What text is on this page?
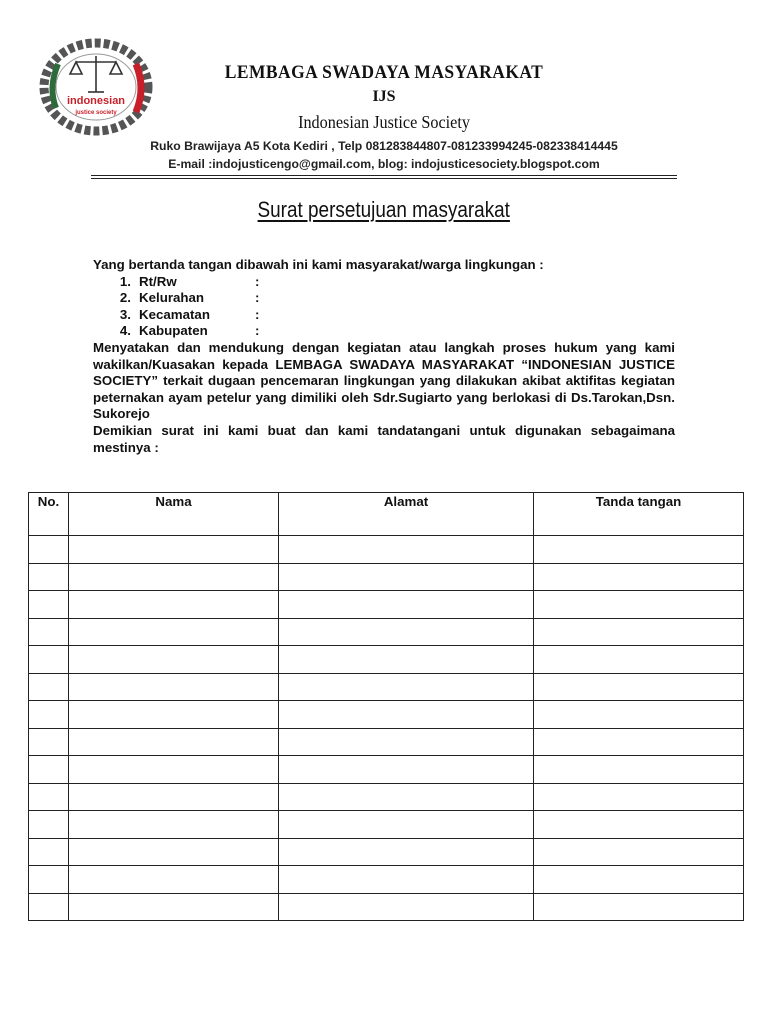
indonesian
justice society
LEMBAGA SWADAYA MASYARAKAT
IJS
Indonesian Justice Society
Ruko Brawijaya A5 Kota Kediri , Telp 081283844807-081233994245-082338414445
E-mail :indojusticengo@gmail.com, blog: indojusticesociety.blogspot.com
Surat persetujuan masyarakat

Yang bertanda tangan dibawah ini kami masyarakat/warga lingkungan :

1. Rt/Rw	:
2. Kelurahan	:
3. Kecamatan	:
4. Kabupaten	:

Menyatakan dan mendukung dengan kegiatan atau langkah proses hukum yang kami wakilkan/Kuasakan kepada LEMBAGA SWADAYA MASYARAKAT “INDONESIAN JUSTICE SOCIETY” terkait dugaan pencemaran lingkungan yang dilakukan akibat aktifitas kegiatan peternakan ayam petelur yang dimiliki oleh Sdr.Sugiarto yang berlokasi di Ds.Tarokan,Dsn. Sukorejo

Demikian surat ini kami buat dan kami tandatangani untuk digunakan sebagaimana mestinya :

No.	Nama	Alamat	Tanda tangan
